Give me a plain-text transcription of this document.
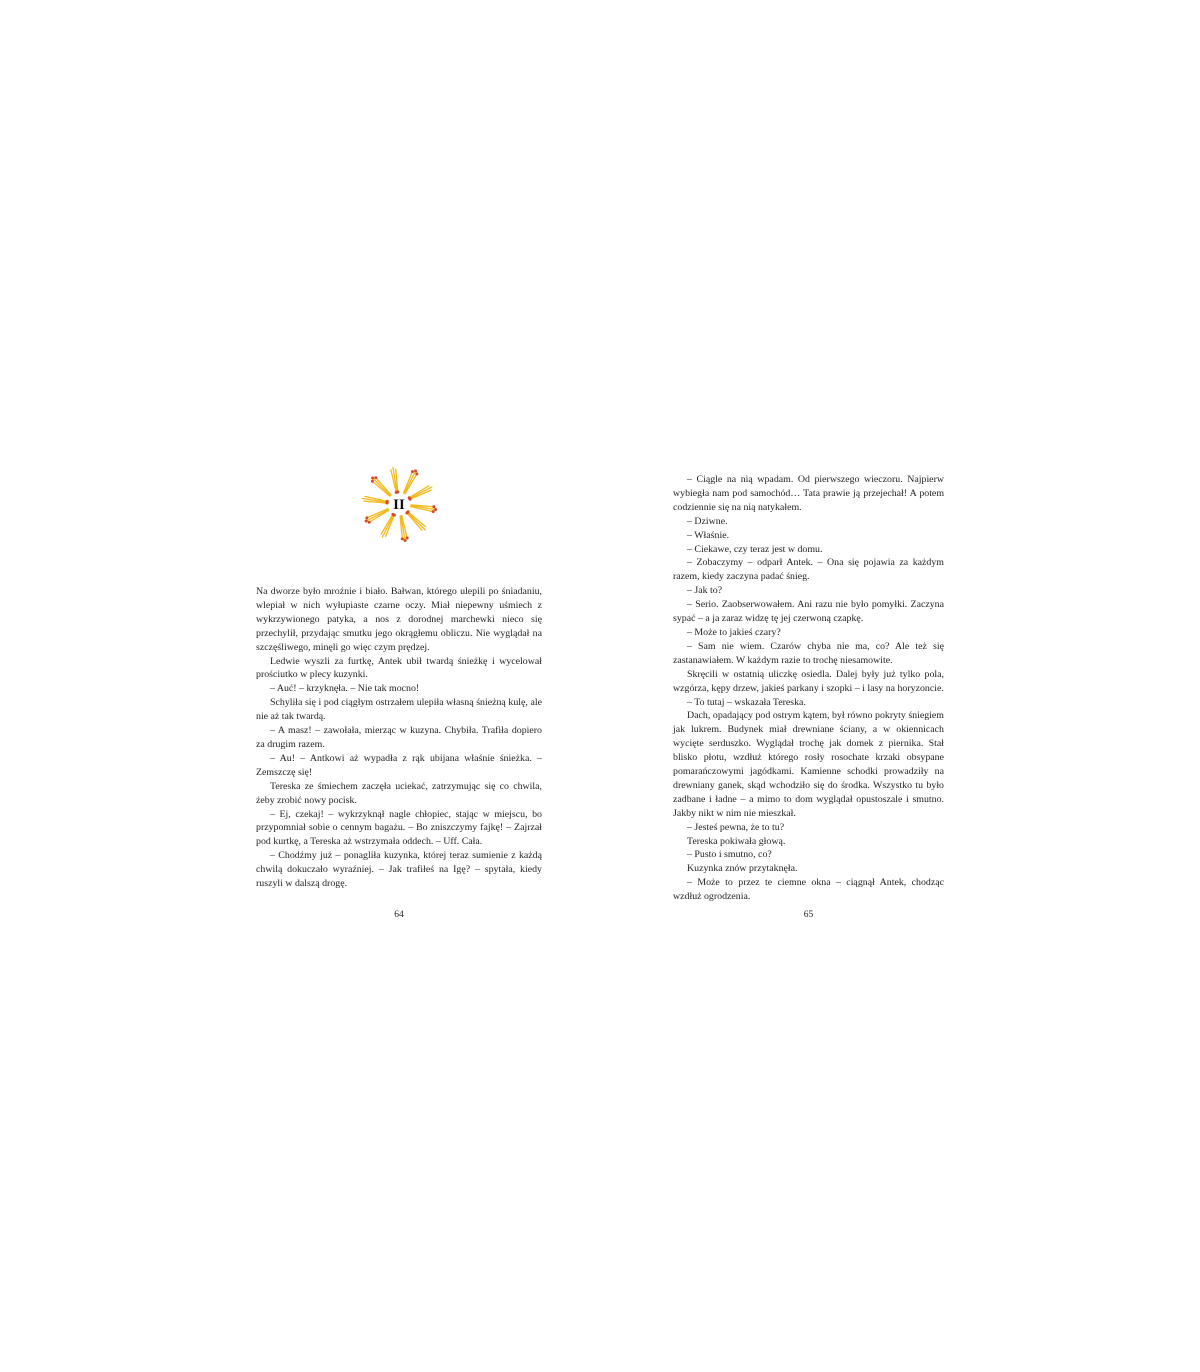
II

Na dworze było mroźnie i biało. Bałwan, którego ulepili po śniadaniu, wlepiał w nich wyłupiaste czarne oczy. Miał niepewny uśmiech z wykrzywionego patyka, a nos z dorodnej marchewki nieco się przechylił, przydając smutku jego okrągłemu obliczu. Nie wyglądał na szczęśliwego, minęli go więc czym prędzej.

Ledwie wyszli za furtkę, Antek ubił twardą śnieżkę i wycelował prościutko w plecy kuzynki.

– Auć! – krzyknęła. – Nie tak mocno!

Schyliła się i pod ciągłym ostrzałem ulepiła własną śnieżną kulę, ale nie aż tak twardą.

– A masz! – zawołała, mierząc w kuzyna. Chybiła. Trafiła dopiero za drugim razem.

– Au! – Antkowi aż wypadła z rąk ubijana właśnie śnieżka. – Zemszczę się!

Tereska ze śmiechem zaczęła uciekać, zatrzymując się co chwila, żeby zrobić nowy pocisk.

– Ej, czekaj! – wykrzyknął nagle chłopiec, stając w miejscu, bo przypomniał sobie o cennym bagażu. – Bo zniszczymy fajkę! – Zajrzał pod kurtkę, a Tereska aż wstrzymała oddech. – Uff. Cała.

– Chodźmy już – ponagliła kuzynka, której teraz sumienie z każdą chwilą dokuczało wyraźniej. – Jak trafiłeś na Igę? – spytała, kiedy ruszyli w dalszą drogę.

64

– Ciągle na nią wpadam. Od pierwszego wieczoru. Najpierw wybiegła nam pod samochód… Tata prawie ją przejechał! A potem codziennie się na nią natykałem.

– Dziwne.

– Właśnie.

– Ciekawe, czy teraz jest w domu.

– Zobaczymy – odparł Antek. – Ona się pojawia za każdym razem, kiedy zaczyna padać śnieg.

– Jak to?

– Serio. Zaobserwowałem. Ani razu nie było pomyłki. Zaczyna sypać – a ja zaraz widzę tę jej czerwoną czapkę.

– Może to jakieś czary?

– Sam nie wiem. Czarów chyba nie ma, co? Ale też się zastanawiałem. W każdym razie to trochę niesamowite.

Skręcili w ostatnią uliczkę osiedla. Dalej były już tylko pola, wzgórza, kępy drzew, jakieś parkany i szopki – i lasy na horyzoncie.

– To tutaj – wskazała Tereska.

Dach, opadający pod ostrym kątem, był równo pokryty śniegiem jak lukrem. Budynek miał drewniane ściany, a w okiennicach wycięte serduszko. Wyglądał trochę jak domek z piernika. Stał blisko płotu, wzdłuż którego rosły rosochate krzaki obsypane pomarańczowymi jagódkami. Kamienne schodki prowadziły na drewniany ganek, skąd wchodziło się do środka. Wszystko tu było zadbane i ładne – a mimo to dom wyglądał opustoszale i smutno. Jakby nikt w nim nie mieszkał.

– Jesteś pewna, że to tu?

Tereska pokiwała głową.

– Pusto i smutno, co?

Kuzynka znów przytaknęła.

– Może to przez te ciemne okna – ciągnął Antek, chodząc wzdłuż ogrodzenia.

65
